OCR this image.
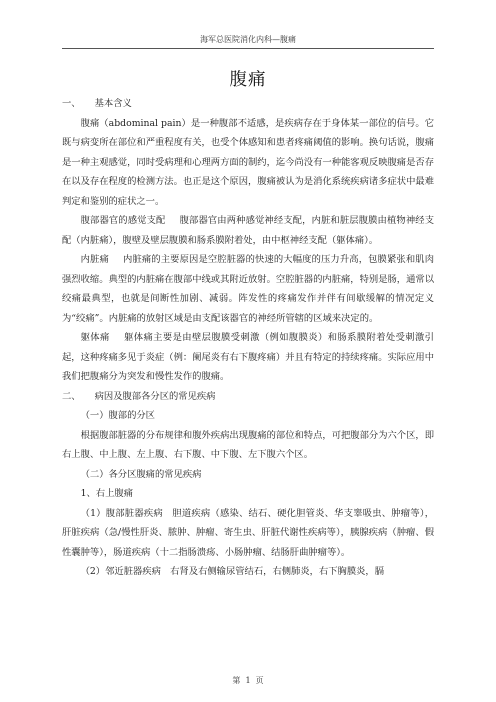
海军总医院消化内科—腹痛
腹痛

一、 基本含义

腹痛（abdominal pain）是一种腹部不适感，是疾病存在于身体某一部位的信号。它既与病变所在部位和严重程度有关，也受个体感知和患者疼痛阈值的影响。换句话说，腹痛是一种主观感觉，同时受病理和心理两方面的制约，迄今尚没有一种能客观反映腹痛是否存在以及存在程度的检测方法。也正是这个原因，腹痛被认为是消化系统疾病诸多症状中最难判定和鉴别的症状之一。

腹部器官的感觉支配 腹部器官由两种感觉神经支配，内脏和脏层腹膜由植物神经支配（内脏痛），腹壁及壁层腹膜和肠系膜附着处，由中枢神经支配（躯体痛）。

内脏痛 内脏痛的主要原因是空腔脏器的快速的大幅度的压力升高，包膜紧张和肌肉强烈收缩。典型的内脏痛在腹部中线或其附近放射。空腔脏器的内脏痛，特别是肠，通常以绞痛最典型，也就是间断性加剧、减弱。阵发性的疼痛发作并伴有间歇缓解的情况定义为“绞痛”。内脏痛的放射区域是由支配该器官的神经所管辖的区域来决定的。

躯体痛 躯体痛主要是由壁层腹膜受刺激（例如腹膜炎）和肠系膜附着处受刺激引起，这种疼痛多见于炎症（例：阑尾炎有右下腹疼痛）并且有特定的持续疼痛。实际应用中我们把腹痛分为突发和慢性发作的腹痛。

二、 病因及腹部各分区的常见疾病

（一）腹部的分区

根据腹部脏器的分布规律和腹外疾病出现腹痛的部位和特点，可把腹部分为六个区，即右上腹、中上腹、左上腹、右下腹、中下腹、左下腹六个区。

（二）各分区腹痛的常见疾病

1、右上腹痛

（1）腹部脏器疾病　胆道疾病（感染、结石、硬化胆管炎、华支睾吸虫、肿瘤等），肝脏疾病（急/慢性肝炎、脓肿、肿瘤、寄生虫、肝脏代谢性疾病等），胰腺疾病（肿瘤、假性囊肿等），肠道疾病（十二指肠溃疡、小肠肿瘤、结肠肝曲肿瘤等）。

（2）邻近脏器疾病　右肾及右侧输尿管结石，右侧肺炎，右下胸膜炎，膈

第 1 页
